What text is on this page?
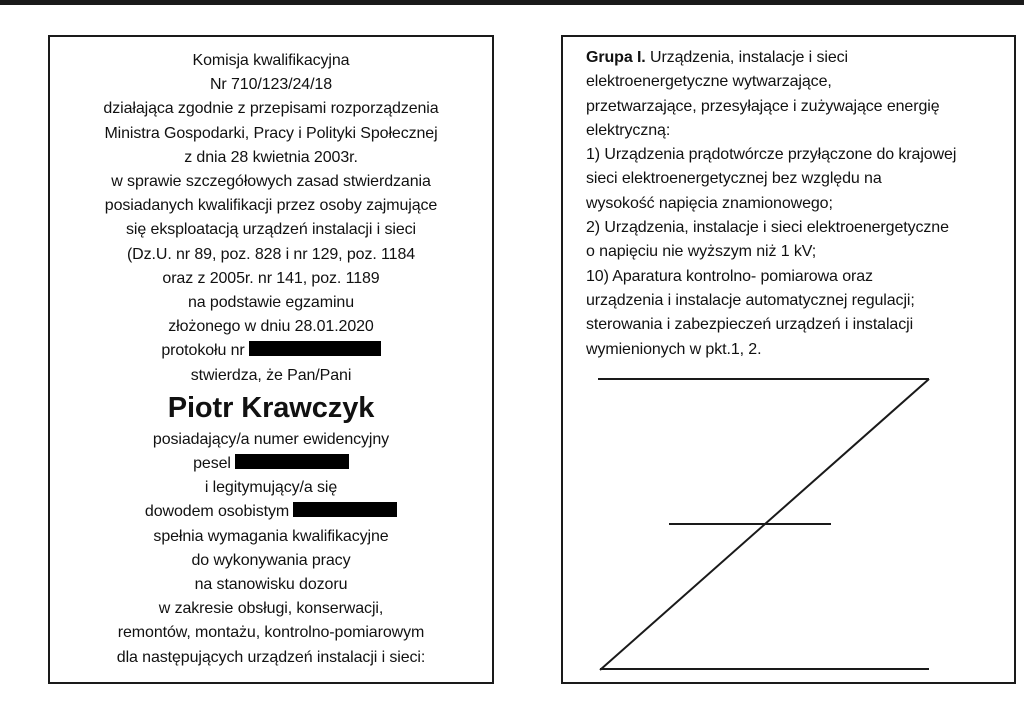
Komisja kwalifikacyjna
Nr 710/123/24/18
działająca zgodnie z przepisami rozporządzenia
Ministra Gospodarki, Pracy i Polityki Społecznej
z dnia 28 kwietnia 2003r.
w sprawie szczegółowych zasad stwierdzania
posiadanych kwalifikacji przez osoby zajmujące
się eksploatacją urządzeń instalacji i sieci
(Dz.U. nr 89, poz. 828 i nr 129, poz. 1184
oraz z 2005r. nr 141, poz. 1189
na podstawie egzaminu
złożonego w dniu 28.01.2020
protokołu nr
stwierdza, że Pan/Pani
Piotr Krawczyk
posiadający/a numer ewidencyjny
pesel
i legitymujący/a się
dowodem osobistym
spełnia wymagania kwalifikacyjne
do wykonywania pracy
na stanowisku dozoru
w zakresie obsługi, konserwacji,
remontów, montażu, kontrolno-pomiarowym
dla następujących urządzeń instalacji i sieci:
Grupa I. Urządzenia, instalacje i sieci
elektroenergetyczne wytwarzające,
przetwarzające, przesyłające i zużywające energię
elektryczną:
1) Urządzenia prądotwórcze przyłączone do krajowej
sieci elektroenergetycznej bez względu na
wysokość napięcia znamionowego;
2) Urządzenia, instalacje i sieci elektroenergetyczne
o napięciu nie wyższym niż 1 kV;
10) Aparatura kontrolno- pomiarowa oraz
urządzenia i instalacje automatycznej regulacji;
sterowania i zabezpieczeń urządzeń i instalacji
wymienionych w pkt.1, 2.
